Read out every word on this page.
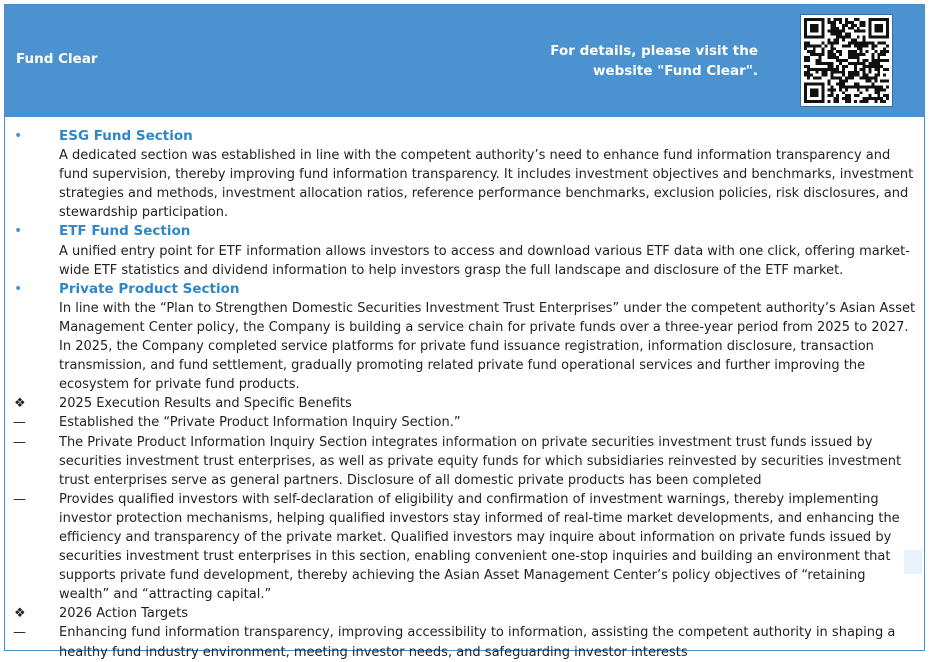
Fund Clear	For details, please visit the
website "Fund Clear".
•	ESG Fund Section
A dedicated section was established in line with the competent authority’s need to enhance fund information transparency and fund supervision, thereby improving fund information transparency. It includes investment objectives and benchmarks, investment strategies and methods, investment allocation ratios, reference performance benchmarks, exclusion policies, risk disclosures, and stewardship participation.
•	ETF Fund Section
A unified entry point for ETF information allows investors to access and download various ETF data with one click, offering market-wide ETF statistics and dividend information to help investors grasp the full landscape and disclosure of the ETF market.
•	Private Product Section
In line with the “Plan to Strengthen Domestic Securities Investment Trust Enterprises” under the competent authority’s Asian Asset Management Center policy, the Company is building a service chain for private funds over a three-year period from 2025 to 2027. In 2025, the Company completed service platforms for private fund issuance registration, information disclosure, transaction transmission, and fund settlement, gradually promoting related private fund operational services and further improving the ecosystem for private fund products.
❖	2025 Execution Results and Specific Benefits
—	Established the “Private Product Information Inquiry Section.”
—	The Private Product Information Inquiry Section integrates information on private securities investment trust funds issued by securities investment trust enterprises, as well as private equity funds for which subsidiaries reinvested by securities investment trust enterprises serve as general partners. Disclosure of all domestic private products has been completed
—	Provides qualified investors with self-declaration of eligibility and confirmation of investment warnings, thereby implementing investor protection mechanisms, helping qualified investors stay informed of real-time market developments, and enhancing the efficiency and transparency of the private market. Qualified investors may inquire about information on private funds issued by securities investment trust enterprises in this section, enabling convenient one-stop inquiries and building an environment that supports private fund development, thereby achieving the Asian Asset Management Center’s policy objectives of “retaining wealth” and “attracting capital.”
❖	2026 Action Targets
—	Enhancing fund information transparency, improving accessibility to information, assisting the competent authority in shaping a healthy fund industry environment, meeting investor needs, and safeguarding investor interests
